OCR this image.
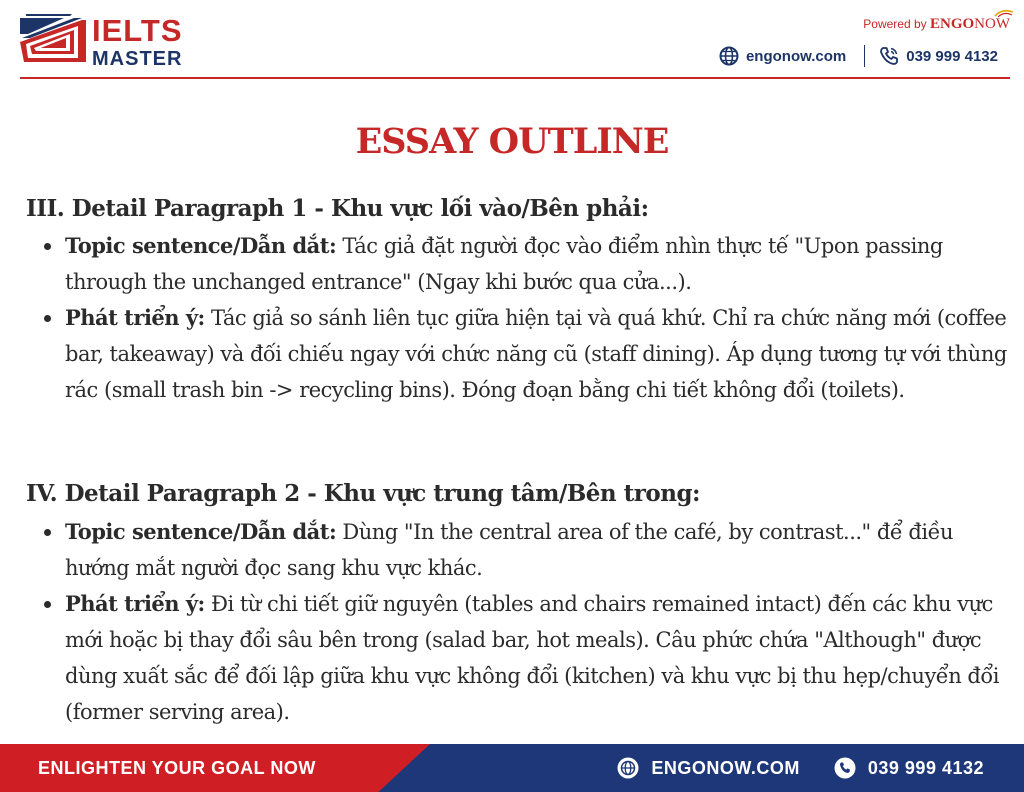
IELTS
MASTER
Powered by ENGONOW
engonow.com	039 999 4132
ESSAY OUTLINE
III. Detail Paragraph 1 - Khu vực lối vào/Bên phải:
Topic sentence/Dẫn dắt: Tác giả đặt người đọc vào điểm nhìn thực tế "Upon passing through the unchanged entrance" (Ngay khi bước qua cửa...).
Phát triển ý: Tác giả so sánh liên tục giữa hiện tại và quá khứ. Chỉ ra chức năng mới (coffee bar, takeaway) và đối chiếu ngay với chức năng cũ (staff dining). Áp dụng tương tự với thùng rác (small trash bin -> recycling bins). Đóng đoạn bằng chi tiết không đổi (toilets).
IV. Detail Paragraph 2 - Khu vực trung tâm/Bên trong:
Topic sentence/Dẫn dắt: Dùng "In the central area of the café, by contrast..." để điều hướng mắt người đọc sang khu vực khác.
Phát triển ý: Đi từ chi tiết giữ nguyên (tables and chairs remained intact) đến các khu vực mới hoặc bị thay đổi sâu bên trong (salad bar, hot meals). Câu phức chứa "Although" được dùng xuất sắc để đối lập giữa khu vực không đổi (kitchen) và khu vực bị thu hẹp/chuyển đổi (former serving area).
ENLIGHTEN YOUR GOAL NOW	ENGONOW.COM	039 999 4132
